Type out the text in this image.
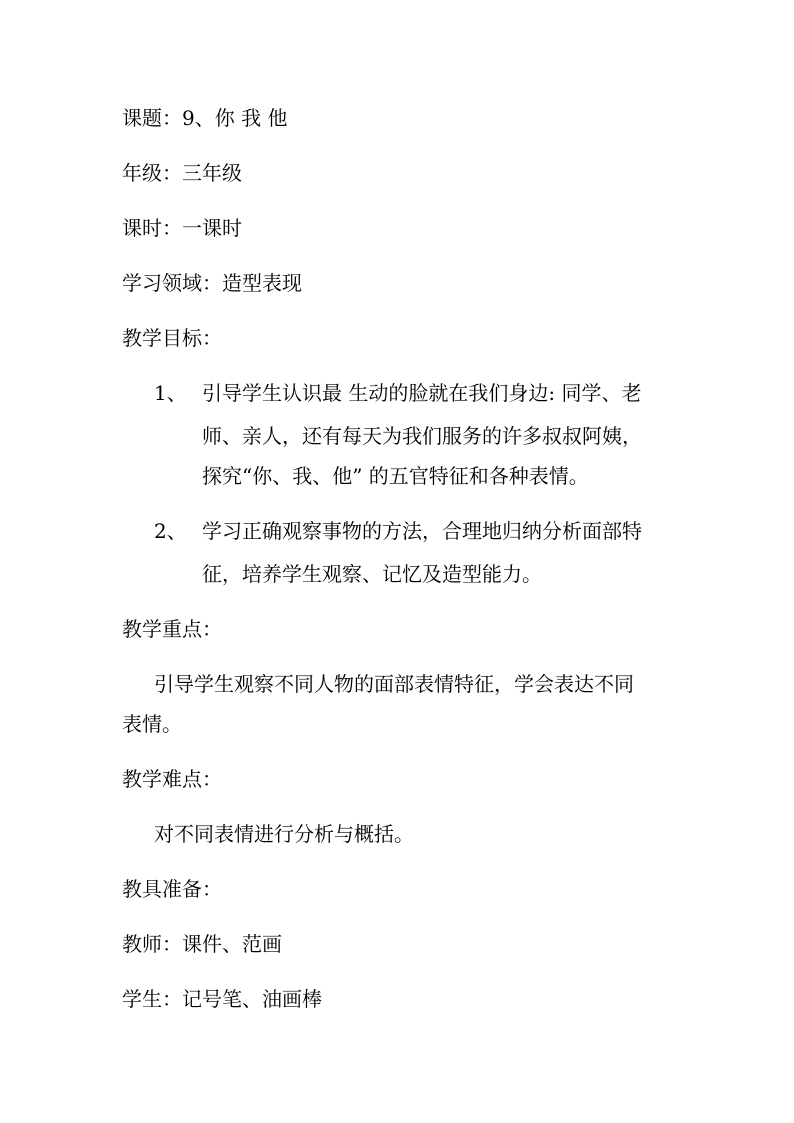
课题：9、你 我 他
年级：三年级
课时：一课时
学习领域：造型表现
教学目标：
1、 引导学生认识最 生动的脸就在我们身边: 同学、老
师、亲人，还有每天为我们服务的许多叔叔阿姨，
探究“你、我、他” 的五官特征和各种表情。
2、 学习正确观察事物的方法，合理地归纳分析面部特
征，培养学生观察、记忆及造型能力。
教学重点：
引导学生观察不同人物的面部表情特征，学会表达不同
表情。
教学难点：
对不同表情进行分析与概括。
教具准备：
教师：课件、范画
学生：记号笔、油画棒
